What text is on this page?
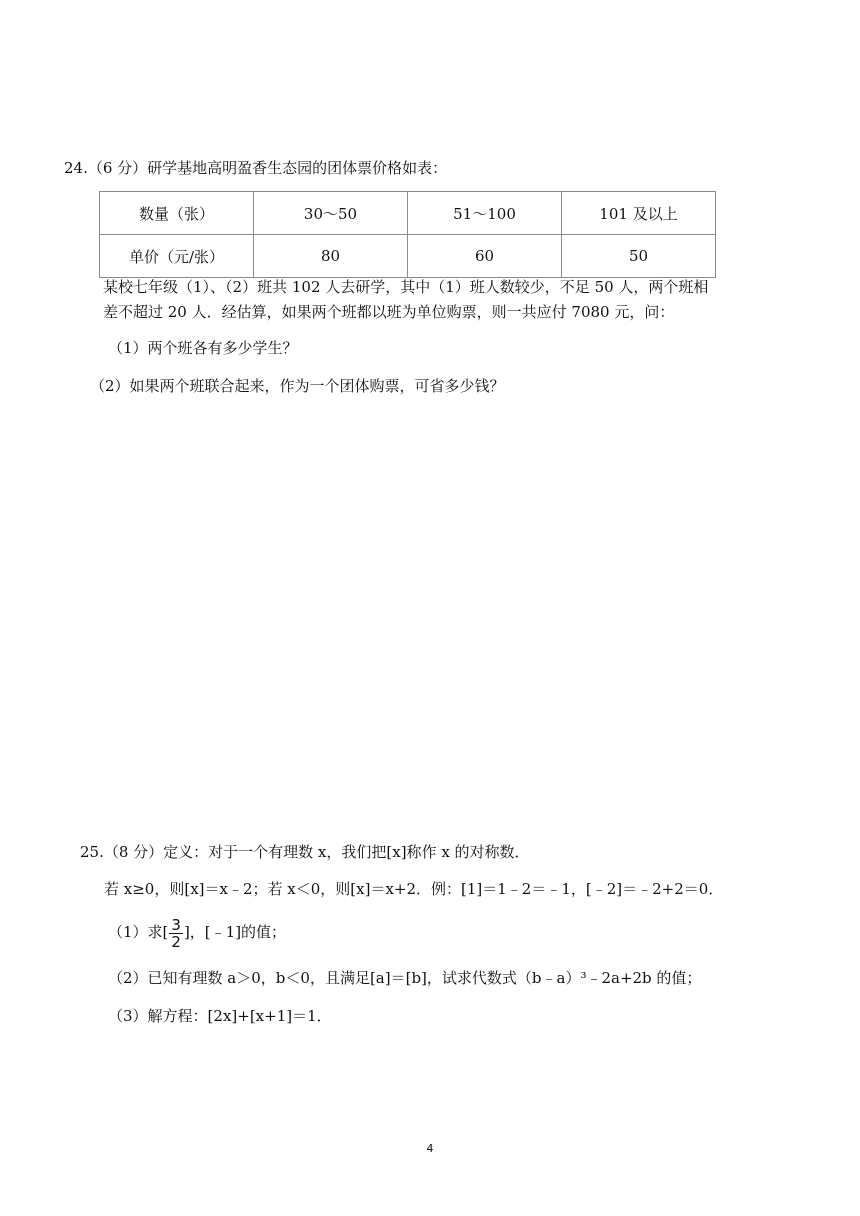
24.（6 分）研学基地高明盈香生态园的团体票价格如表：
数量（张）	30～50	51～100	101 及以上
单价（元/张）	80	60	50
某校七年级（1）、（2）班共 102 人去研学，其中（1）班人数较少，不足 50 人，两个班相
差不超过 20 人．经估算，如果两个班都以班为单位购票，则一共应付 7080 元，问：
（1）两个班各有多少学生？
（2）如果两个班联合起来，作为一个团体购票，可省多少钱？
25.（8 分）定义：对于一个有理数 x，我们把[x]称作 x 的对称数．
若 x≥0，则[x]＝x﹣2；若 x＜0，则[x]＝x+2．例：[1]＝1﹣2＝﹣1，[﹣2]＝﹣2+2＝0．
（1）求[ $\frac{3}{2}$ ]，[﹣1]的值；
（2）已知有理数 a＞0，b＜0，且满足[a]＝[b]，试求代数式（b﹣a）³﹣2a+2b 的值；
（3）解方程：[2x]+[x+1]＝1．
4
